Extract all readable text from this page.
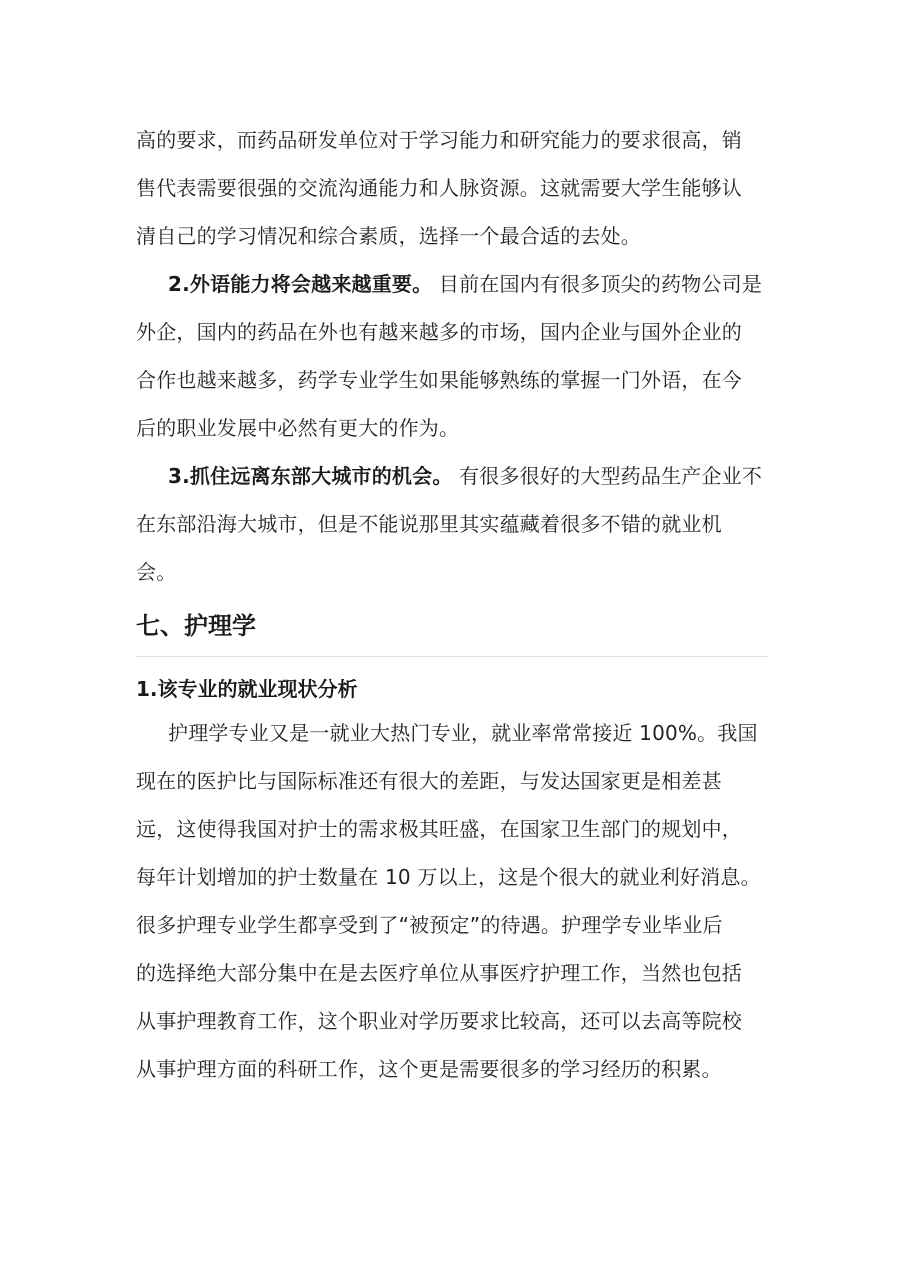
高的要求，而药品研发单位对于学习能力和研究能力的要求很高，销
售代表需要很强的交流沟通能力和人脉资源。这就需要大学生能够认
清自己的学习情况和综合素质，选择一个最合适的去处。
2.外语能力将会越来越重要。 目前在国内有很多顶尖的药物公司是
外企，国内的药品在外也有越来越多的市场，国内企业与国外企业的
合作也越来越多，药学专业学生如果能够熟练的掌握一门外语，在今
后的职业发展中必然有更大的作为。
3.抓住远离东部大城市的机会。 有很多很好的大型药品生产企业不
在东部沿海大城市，但是不能说那里其实蕴藏着很多不错的就业机
会。
七、护理学
1.该专业的就业现状分析
护理学专业又是一就业大热门专业，就业率常常接近 100%。我国
现在的医护比与国际标准还有很大的差距，与发达国家更是相差甚
远，这使得我国对护士的需求极其旺盛，在国家卫生部门的规划中，
每年计划增加的护士数量在 10 万以上，这是个很大的就业利好消息。
很多护理专业学生都享受到了“被预定”的待遇。护理学专业毕业后
的选择绝大部分集中在是去医疗单位从事医疗护理工作，当然也包括
从事护理教育工作，这个职业对学历要求比较高，还可以去高等院校
从事护理方面的科研工作，这个更是需要很多的学习经历的积累。
